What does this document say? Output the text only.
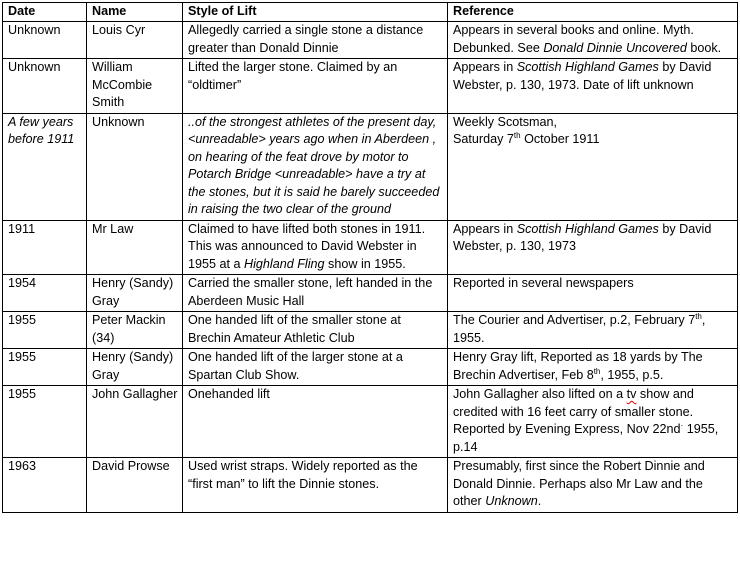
Date	Name	Style of Lift	Reference
Unknown	Louis Cyr	Allegedly carried a single stone a distance greater than Donald Dinnie	Appears in several books and online. Myth. Debunked. See Donald Dinnie Uncovered book.
Unknown	William McCombie Smith	Lifted the larger stone. Claimed by an “oldtimer”	Appears in Scottish Highland Games by David Webster, p. 130, 1973. Date of lift unknown
A few years before 1911	Unknown	..of the strongest athletes of the present day, <unreadable> years ago when in Aberdeen , on hearing of the feat drove by motor to Potarch Bridge <unreadable> have a try at the stones, but it is said he barely succeeded in raising the two clear of the ground	Weekly Scotsman,
Saturday 7th October 1911
1911	Mr Law	Claimed to have lifted both stones in 1911. This was announced to David Webster in 1955 at a Highland Fling show in 1955.	Appears in Scottish Highland Games by David Webster, p. 130, 1973
1954	Henry (Sandy) Gray	Carried the smaller stone, left handed in the Aberdeen Music Hall	Reported in several newspapers
1955	Peter Mackin (34)	One handed lift of the smaller stone at Brechin Amateur Athletic Club	The Courier and Advertiser, p.2, February 7th, 1955.
1955	Henry (Sandy) Gray	One handed lift of the larger stone at a Spartan Club Show.	Henry Gray lift, Reported as 18 yards by The Brechin Advertiser, Feb 8th, 1955, p.5.
1955	John Gallagher	Onehanded lift	John Gallagher also lifted on a tv show and credited with 16 feet carry of smaller stone. Reported by Evening Express, Nov 22nd· 1955, p.14
1963	David Prowse	Used wrist straps. Widely reported as the “first man” to lift the Dinnie stones.	Presumably, first since the Robert Dinnie and Donald Dinnie. Perhaps also Mr Law and the other Unknown.
